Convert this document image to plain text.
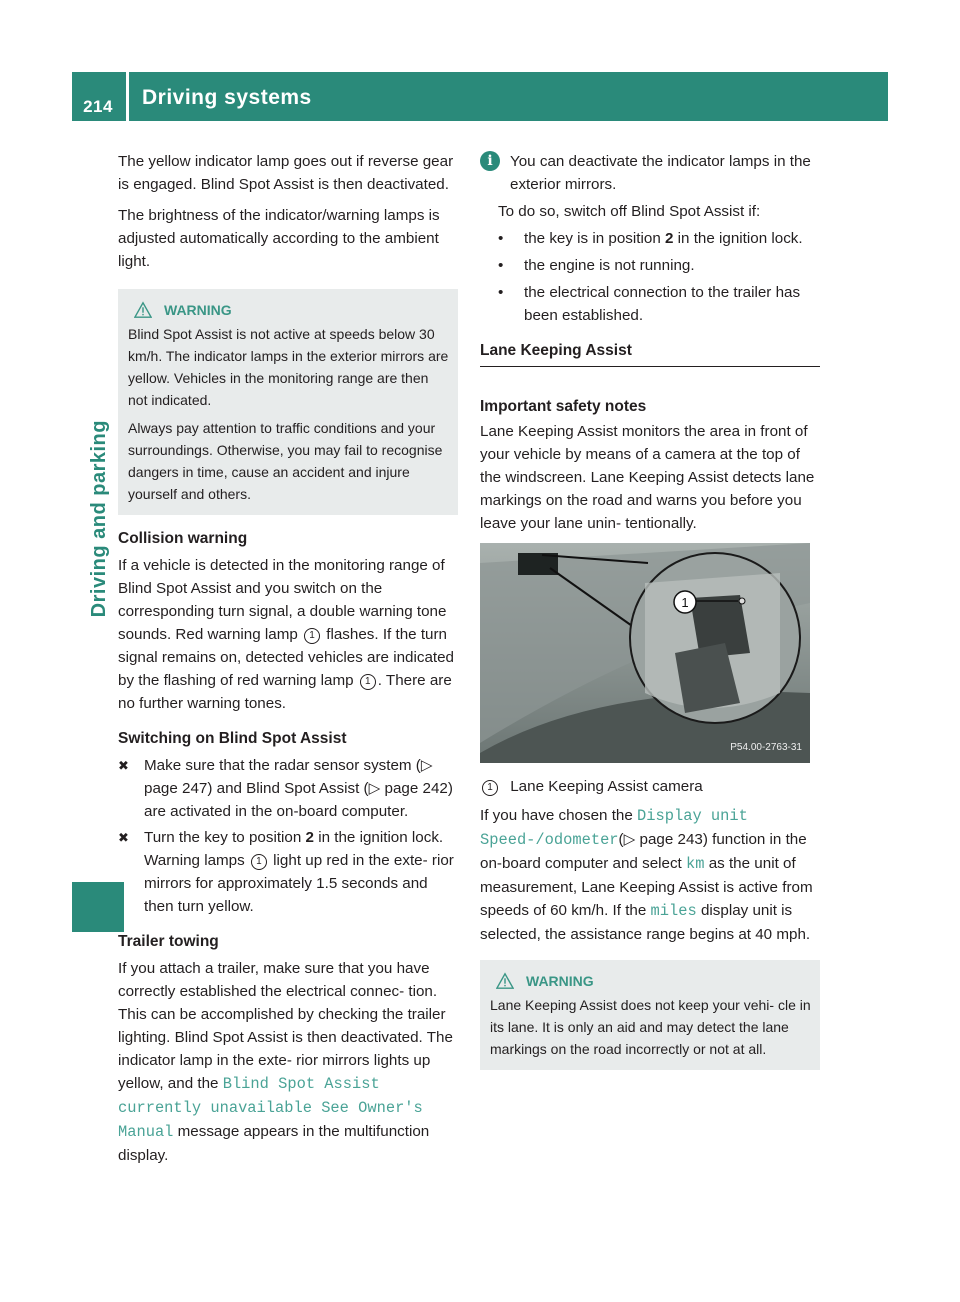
214	Driving systems
Driving and parking

The yellow indicator lamp goes out if reverse gear is engaged. Blind Spot Assist is then deactivated.

The brightness of the indicator/warning lamps is adjusted automatically according to the ambient light.

WARNING

Blind Spot Assist is not active at speeds below 30 km/h. The indicator lamps in the exterior mirrors are yellow. Vehicles in the monitoring range are then not indicated.

Always pay attention to traffic conditions and your surroundings. Otherwise, you may fail to recognise dangers in time, cause an accident and injure yourself and others.

Collision warning

If a vehicle is detected in the monitoring range of Blind Spot Assist and you switch on the corresponding turn signal, a double warning tone sounds. Red warning lamp 1 flashes. If the turn signal remains on, detected vehicles are indicated by the flashing of red warning lamp 1 . There are no further warning tones.

Switching on Blind Spot Assist
✖ Make sure that the radar sensor system (▷ page 247) and Blind Spot Assist (▷ page 242) are activated in the on-board computer.
✖ Turn the key to position 2 in the ignition lock.
Warning lamps 1 light up red in the exte- rior mirrors for approximately 1.5 seconds and then turn yellow.
Trailer towing

If you attach a trailer, make sure that you have correctly established the electrical connec- tion. This can be accomplished by checking the trailer lighting. Blind Spot Assist is then deactivated. The indicator lamp in the exte- rior mirrors lights up yellow, and the Blind Spot Assist currently unavailable See Owner's Manual message appears in the multifunction display.

i	You can deactivate the indicator lamps in the exterior mirrors.

To do so, switch off Blind Spot Assist if:

•	the key is in position 2 in the ignition lock.
•	the engine is not running.
•	the electrical connection to the trailer has been established.
Lane Keeping Assist
Important safety notes

Lane Keeping Assist monitors the area in front of your vehicle by means of a camera at the top of the windscreen. Lane Keeping Assist detects lane markings on the road and warns you before you leave your lane unin- tentionally.

1
P54.00-2763-31

1 Lane Keeping Assist camera

If you have chosen the Display unit Speed-/odometer(▷ page 243) function in the on-board computer and select km as the unit of measurement, Lane Keeping Assist is active from speeds of 60 km/h. If the miles display unit is selected, the assistance range begins at 40 mph.

WARNING

Lane Keeping Assist does not keep your vehi- cle in its lane. It is only an aid and may detect the lane markings on the road incorrectly or not at all.
